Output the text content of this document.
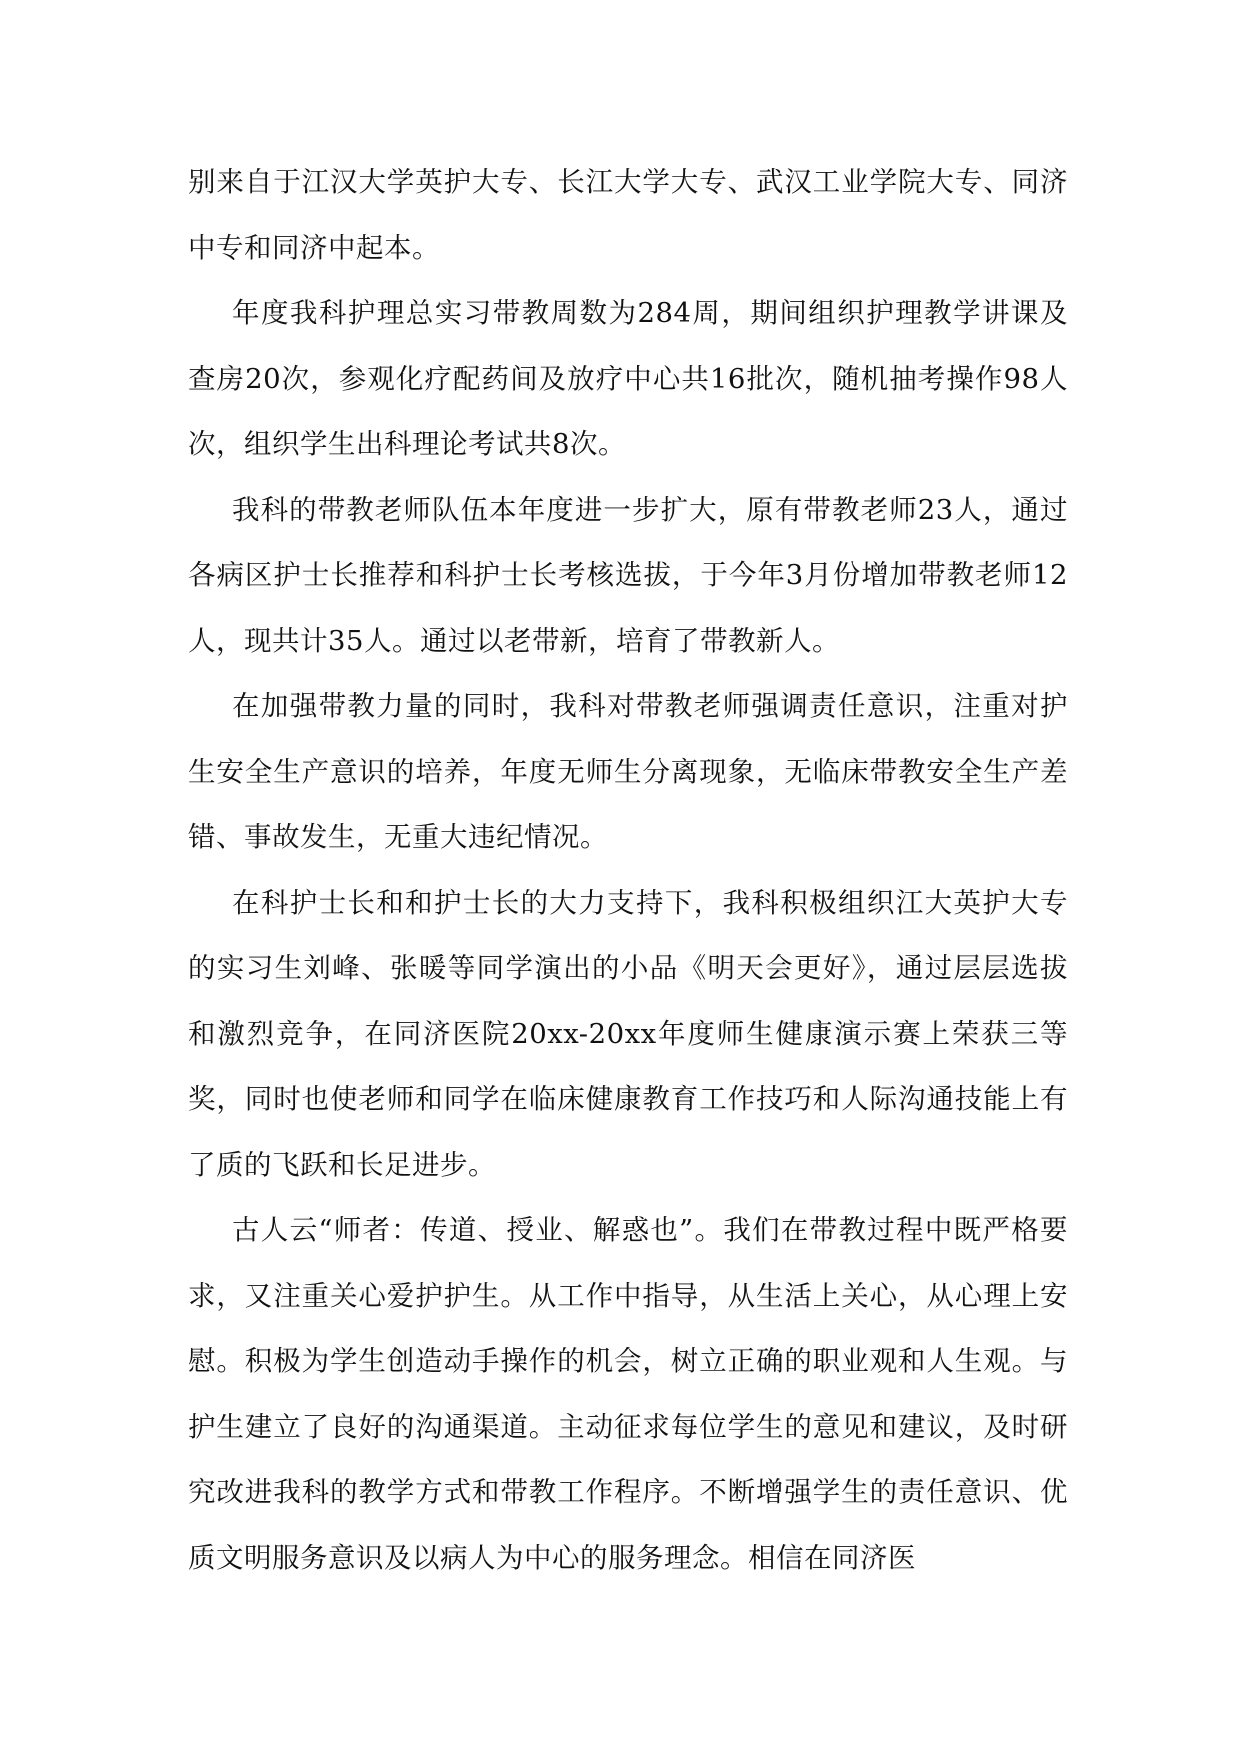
别来自于江汉大学英护大专、长江大学大专、武汉工业学院大专、同济中专和同济中起本。

年度我科护理总实习带教周数为284周，期间组织护理教学讲课及查房20次，参观化疗配药间及放疗中心共16批次，随机抽考操作98人次，组织学生出科理论考试共8次。

我科的带教老师队伍本年度进一步扩大，原有带教老师23人，通过各病区护士长推荐和科护士长考核选拔，于今年3月份增加带教老师12人，现共计35人。通过以老带新，培育了带教新人。

在加强带教力量的同时，我科对带教老师强调责任意识，注重对护生安全生产意识的培养，年度无师生分离现象，无临床带教安全生产差错、事故发生，无重大违纪情况。

在科护士长和和护士长的大力支持下，我科积极组织江大英护大专的实习生刘峰、张暖等同学演出的小品《明天会更好》，通过层层选拔和激烈竞争，在同济医院20xx-20xx年度师生健康演示赛上荣获三等奖，同时也使老师和同学在临床健康教育工作技巧和人际沟通技能上有了质的飞跃和长足进步。

古人云“师者：传道、授业、解惑也”。我们在带教过程中既严格要求，又注重关心爱护护生。从工作中指导，从生活上关心，从心理上安慰。积极为学生创造动手操作的机会，树立正确的职业观和人生观。与护生建立了良好的沟通渠道。主动征求每位学生的意见和建议，及时研究改进我科的教学方式和带教工作程序。不断增强学生的责任意识、优质文明服务意识及以病人为中心的服务理念。相信在同济医
